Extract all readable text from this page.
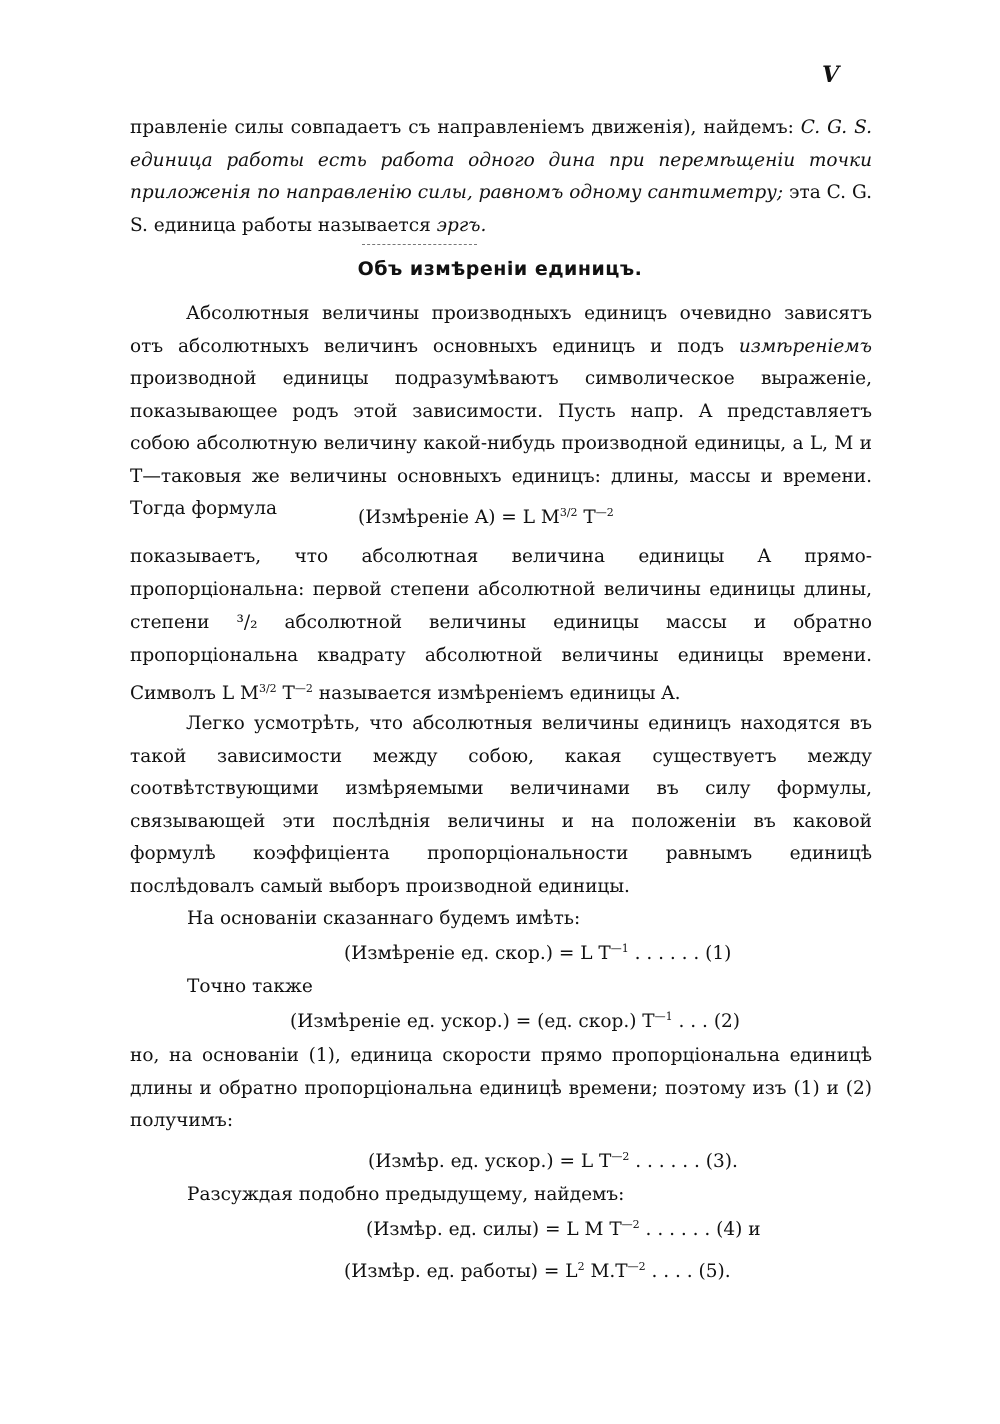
V

правленіе силы совпадаетъ съ направленіемъ движенія), найдемъ: C. G. S. единица работы есть работа одного дина при перемѣщеніи точки приложенія по направленію силы, равномъ одному сантиметру; эта C. G. S. единица работы называется эргъ.

Объ измѣреніи единицъ.

Абсолютныя величины производныхъ единицъ очевидно зависятъ отъ абсолютныхъ величинъ основныхъ единицъ и подъ измѣреніемъ производной единицы подразумѣваютъ символическое выраженіе, показывающее родъ этой зависимости. Пусть напр. A представляетъ собою абсолютную величину какой-нибудь производной единицы, а L, M и T—таковыя же величины основныхъ единицъ: длины, массы и времени. Тогда формула	(Измѣреніе A) = L $M^{3/2}$ $T^{—2}$

показываетъ, что абсолютная величина единицы A прямо-пропорціональна: первой степени абсолютной величины единицы длины, степени ³/₂ абсолютной величины единицы массы и обратно пропорціональна квадрату абсолютной величины единицы времени. Символъ L $M^{3/2}$ $T^{—2}$ называется измѣреніемъ единицы A.

Легко усмотрѣть, что абсолютныя величины единицъ находятся въ такой зависимости между собою, какая существуетъ между соотвѣтствующими измѣряемыми величинами въ силу формулы, связывающей эти послѣднія величины и на положеніи въ каковой формулѣ коэффиціента пропорціональности равнымъ единицѣ послѣдовалъ самый выборъ производной единицы.

На основаніи сказаннаго будемъ имѣть:
(Измѣреніе ед. скор.) = L $T^{—1}$ . . . . . . (1)
Точно также
(Измѣреніе ед. ускор.) = (ед. скор.) $T^{—1}$ . . . (2)

но, на основаніи (1), единица скорости прямо пропорціональна единицѣ длины и обратно пропорціональна единицѣ времени; поэтому изъ (1) и (2) получимъ:

(Измѣр. ед. ускор.) = L $T^{—2}$ . . . . . . (3).
Разсуждая подобно предыдущему, найдемъ:
(Измѣр. ед. силы) = L M $T^{—2}$ . . . . . . (4) и
(Измѣр. ед. работы) = $L^2$ $M.T^{—2}$ . . . . (5).
